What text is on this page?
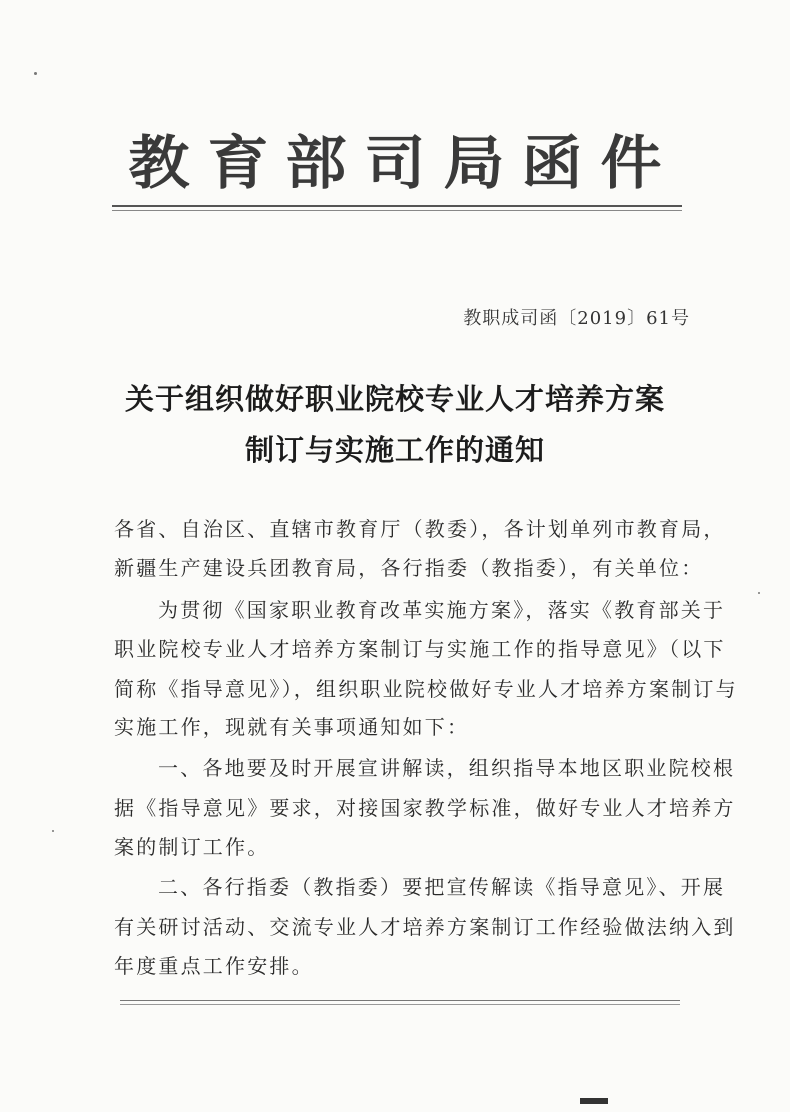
教 育 部 司 局 函 件
教职成司函〔2019〕61号
关于组织做好职业院校专业人才培养方案
制订与实施工作的通知
各省、自治区、直辖市教育厅（教委），各计划单列市教育局，
新疆生产建设兵团教育局，各行指委（教指委），有关单位：
为贯彻《国家职业教育改革实施方案》，落实《教育部关于
职业院校专业人才培养方案制订与实施工作的指导意见》（以下
简称《指导意见》），组织职业院校做好专业人才培养方案制订与
实施工作，现就有关事项通知如下：
一、各地要及时开展宣讲解读，组织指导本地区职业院校根
据《指导意见》要求，对接国家教学标准，做好专业人才培养方
案的制订工作。
二、各行指委（教指委）要把宣传解读《指导意见》、开展
有关研讨活动、交流专业人才培养方案制订工作经验做法纳入到
年度重点工作安排。
